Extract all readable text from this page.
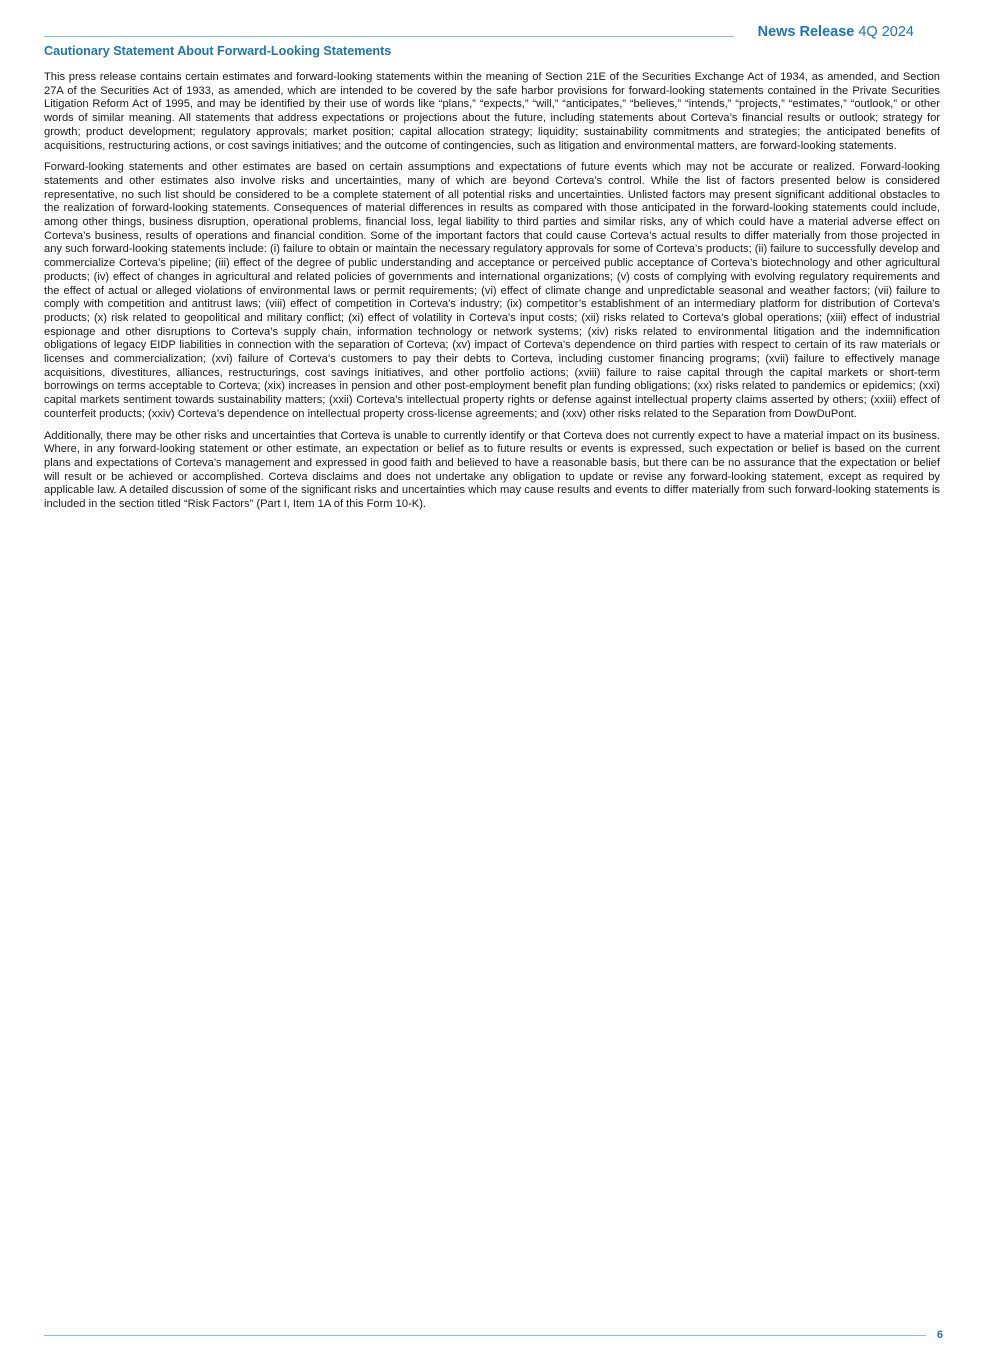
News Release 4Q 2024
Cautionary Statement About Forward-Looking Statements

This press release contains certain estimates and forward-looking statements within the meaning of Section 21E of the Securities Exchange Act of 1934, as amended, and Section 27A of the Securities Act of 1933, as amended, which are intended to be covered by the safe harbor provisions for forward-looking statements contained in the Private Securities Litigation Reform Act of 1995, and may be identified by their use of words like “plans,” “expects,” “will,” “anticipates,” “believes,” “intends,” “projects,” “estimates,” “outlook,” or other words of similar meaning. All statements that address expectations or projections about the future, including statements about Corteva’s financial results or outlook; strategy for growth; product development; regulatory approvals; market position; capital allocation strategy; liquidity; sustainability commitments and strategies; the anticipated benefits of acquisitions, restructuring actions, or cost savings initiatives; and the outcome of contingencies, such as litigation and environmental matters, are forward-looking statements.

Forward-looking statements and other estimates are based on certain assumptions and expectations of future events which may not be accurate or realized. Forward-looking statements and other estimates also involve risks and uncertainties, many of which are beyond Corteva’s control. While the list of factors presented below is considered representative, no such list should be considered to be a complete statement of all potential risks and uncertainties. Unlisted factors may present significant additional obstacles to the realization of forward-looking statements. Consequences of material differences in results as compared with those anticipated in the forward-looking statements could include, among other things, business disruption, operational problems, financial loss, legal liability to third parties and similar risks, any of which could have a material adverse effect on Corteva’s business, results of operations and financial condition. Some of the important factors that could cause Corteva’s actual results to differ materially from those projected in any such forward-looking statements include: (i) failure to obtain or maintain the necessary regulatory approvals for some of Corteva’s products; (ii) failure to successfully develop and commercialize Corteva’s pipeline; (iii) effect of the degree of public understanding and acceptance or perceived public acceptance of Corteva’s biotechnology and other agricultural products; (iv) effect of changes in agricultural and related policies of governments and international organizations; (v) costs of complying with evolving regulatory requirements and the effect of actual or alleged violations of environmental laws or permit requirements; (vi) effect of climate change and unpredictable seasonal and weather factors; (vii) failure to comply with competition and antitrust laws; (viii) effect of competition in Corteva's industry; (ix) competitor’s establishment of an intermediary platform for distribution of Corteva's products; (x) risk related to geopolitical and military conflict; (xi) effect of volatility in Corteva's input costs; (xii) risks related to Corteva's global operations; (xiii) effect of industrial espionage and other disruptions to Corteva’s supply chain, information technology or network systems; (xiv) risks related to environmental litigation and the indemnification obligations of legacy EIDP liabilities in connection with the separation of Corteva; (xv) impact of Corteva's dependence on third parties with respect to certain of its raw materials or licenses and commercialization; (xvi) failure of Corteva’s customers to pay their debts to Corteva, including customer financing programs; (xvii) failure to effectively manage acquisitions, divestitures, alliances, restructurings, cost savings initiatives, and other portfolio actions; (xviii) failure to raise capital through the capital markets or short-term borrowings on terms acceptable to Corteva; (xix) increases in pension and other post-employment benefit plan funding obligations; (xx) risks related to pandemics or epidemics; (xxi) capital markets sentiment towards sustainability matters; (xxii) Corteva’s intellectual property rights or defense against intellectual property claims asserted by others; (xxiii) effect of counterfeit products; (xxiv) Corteva’s dependence on intellectual property cross-license agreements; and (xxv) other risks related to the Separation from DowDuPont.

Additionally, there may be other risks and uncertainties that Corteva is unable to currently identify or that Corteva does not currently expect to have a material impact on its business. Where, in any forward-looking statement or other estimate, an expectation or belief as to future results or events is expressed, such expectation or belief is based on the current plans and expectations of Corteva’s management and expressed in good faith and believed to have a reasonable basis, but there can be no assurance that the expectation or belief will result or be achieved or accomplished. Corteva disclaims and does not undertake any obligation to update or revise any forward-looking statement, except as required by applicable law. A detailed discussion of some of the significant risks and uncertainties which may cause results and events to differ materially from such forward-looking statements is included in the section titled “Risk Factors” (Part I, Item 1A of this Form 10-K).

6
